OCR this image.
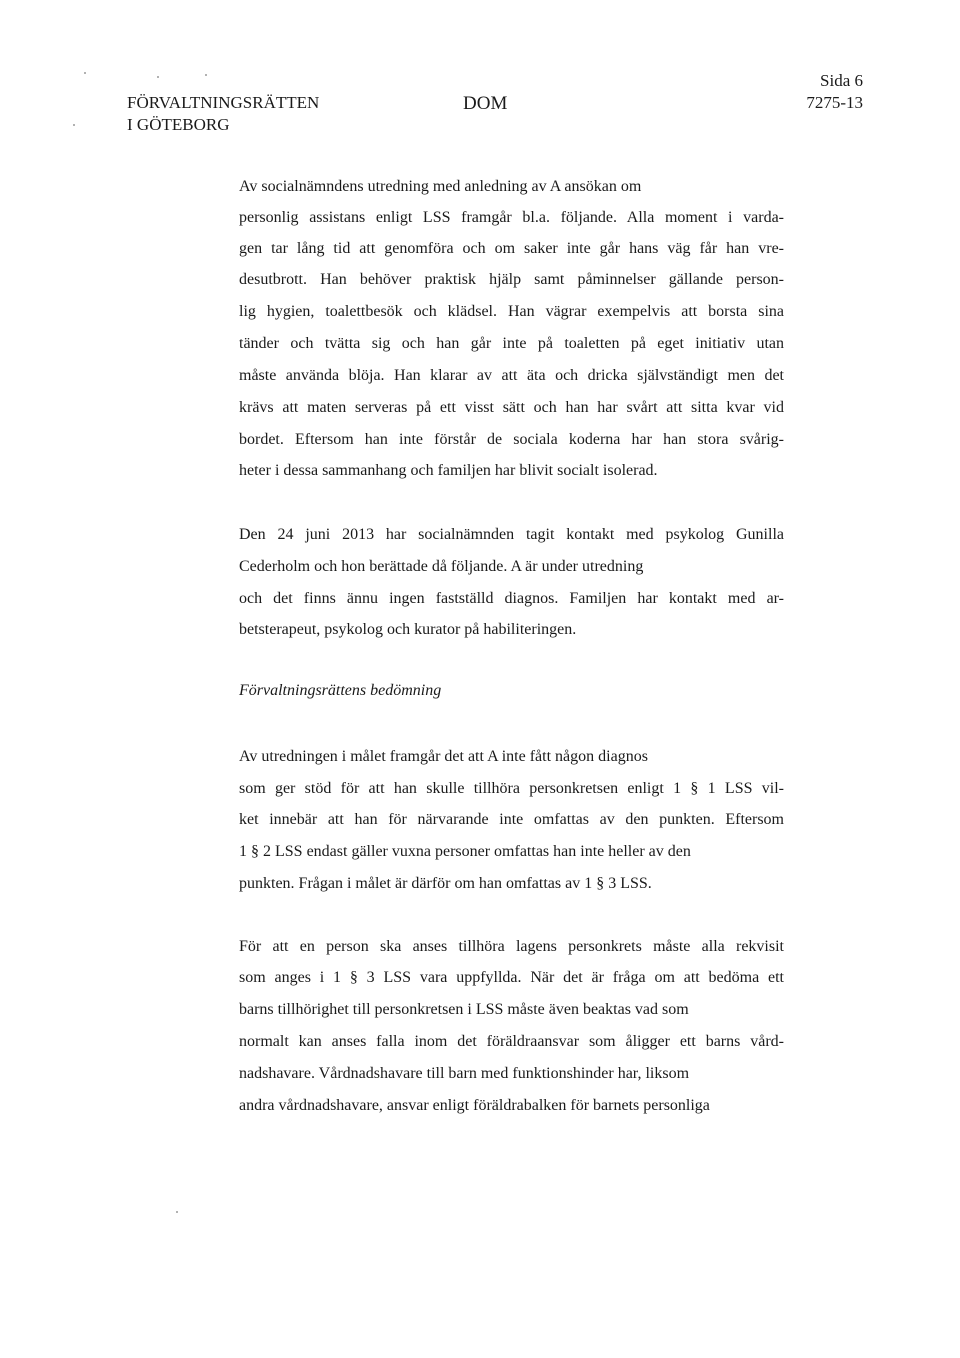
FÖRVALTNINGSRÄTTEN
I GÖTEBORG
DOM
Sida 6
7275-13
Av socialnämndens utredning med anledning av A ansökan om
personlig assistans enligt LSS framgår bl.a. följande. Alla moment i varda-
gen tar lång tid att genomföra och om saker inte går hans väg får han vre-
desutbrott. Han behöver praktisk hjälp samt påminnelser gällande person-
lig hygien, toalettbesök och klädsel. Han vägrar exempelvis att borsta sina
tänder och tvätta sig och han går inte på toaletten på eget initiativ utan
måste använda blöja. Han klarar av att äta och dricka självständigt men det
krävs att maten serveras på ett visst sätt och han har svårt att sitta kvar vid
bordet. Eftersom han inte förstår de sociala koderna har han stora svårig-
heter i dessa sammanhang och familjen har blivit socialt isolerad.
Den 24 juni 2013 har socialnämnden tagit kontakt med psykolog Gunilla
Cederholm och hon berättade då följande. A är under utredning
och det finns ännu ingen fastställd diagnos. Familjen har kontakt med ar-
betsterapeut, psykolog och kurator på habiliteringen.
Förvaltningsrättens bedömning
Av utredningen i målet framgår det att A inte fått någon diagnos
som ger stöd för att han skulle tillhöra personkretsen enligt 1 § 1 LSS vil-
ket innebär att han för närvarande inte omfattas av den punkten. Eftersom
1 § 2 LSS endast gäller vuxna personer omfattas han inte heller av den
punkten. Frågan i målet är därför om han omfattas av 1 § 3 LSS.
För att en person ska anses tillhöra lagens personkrets måste alla rekvisit
som anges i 1 § 3 LSS vara uppfyllda. När det är fråga om att bedöma ett
barns tillhörighet till personkretsen i LSS måste även beaktas vad som
normalt kan anses falla inom det föräldraansvar som åligger ett barns vård-
nadshavare. Vårdnadshavare till barn med funktionshinder har, liksom
andra vårdnadshavare, ansvar enligt föräldrabalken för barnets personliga
